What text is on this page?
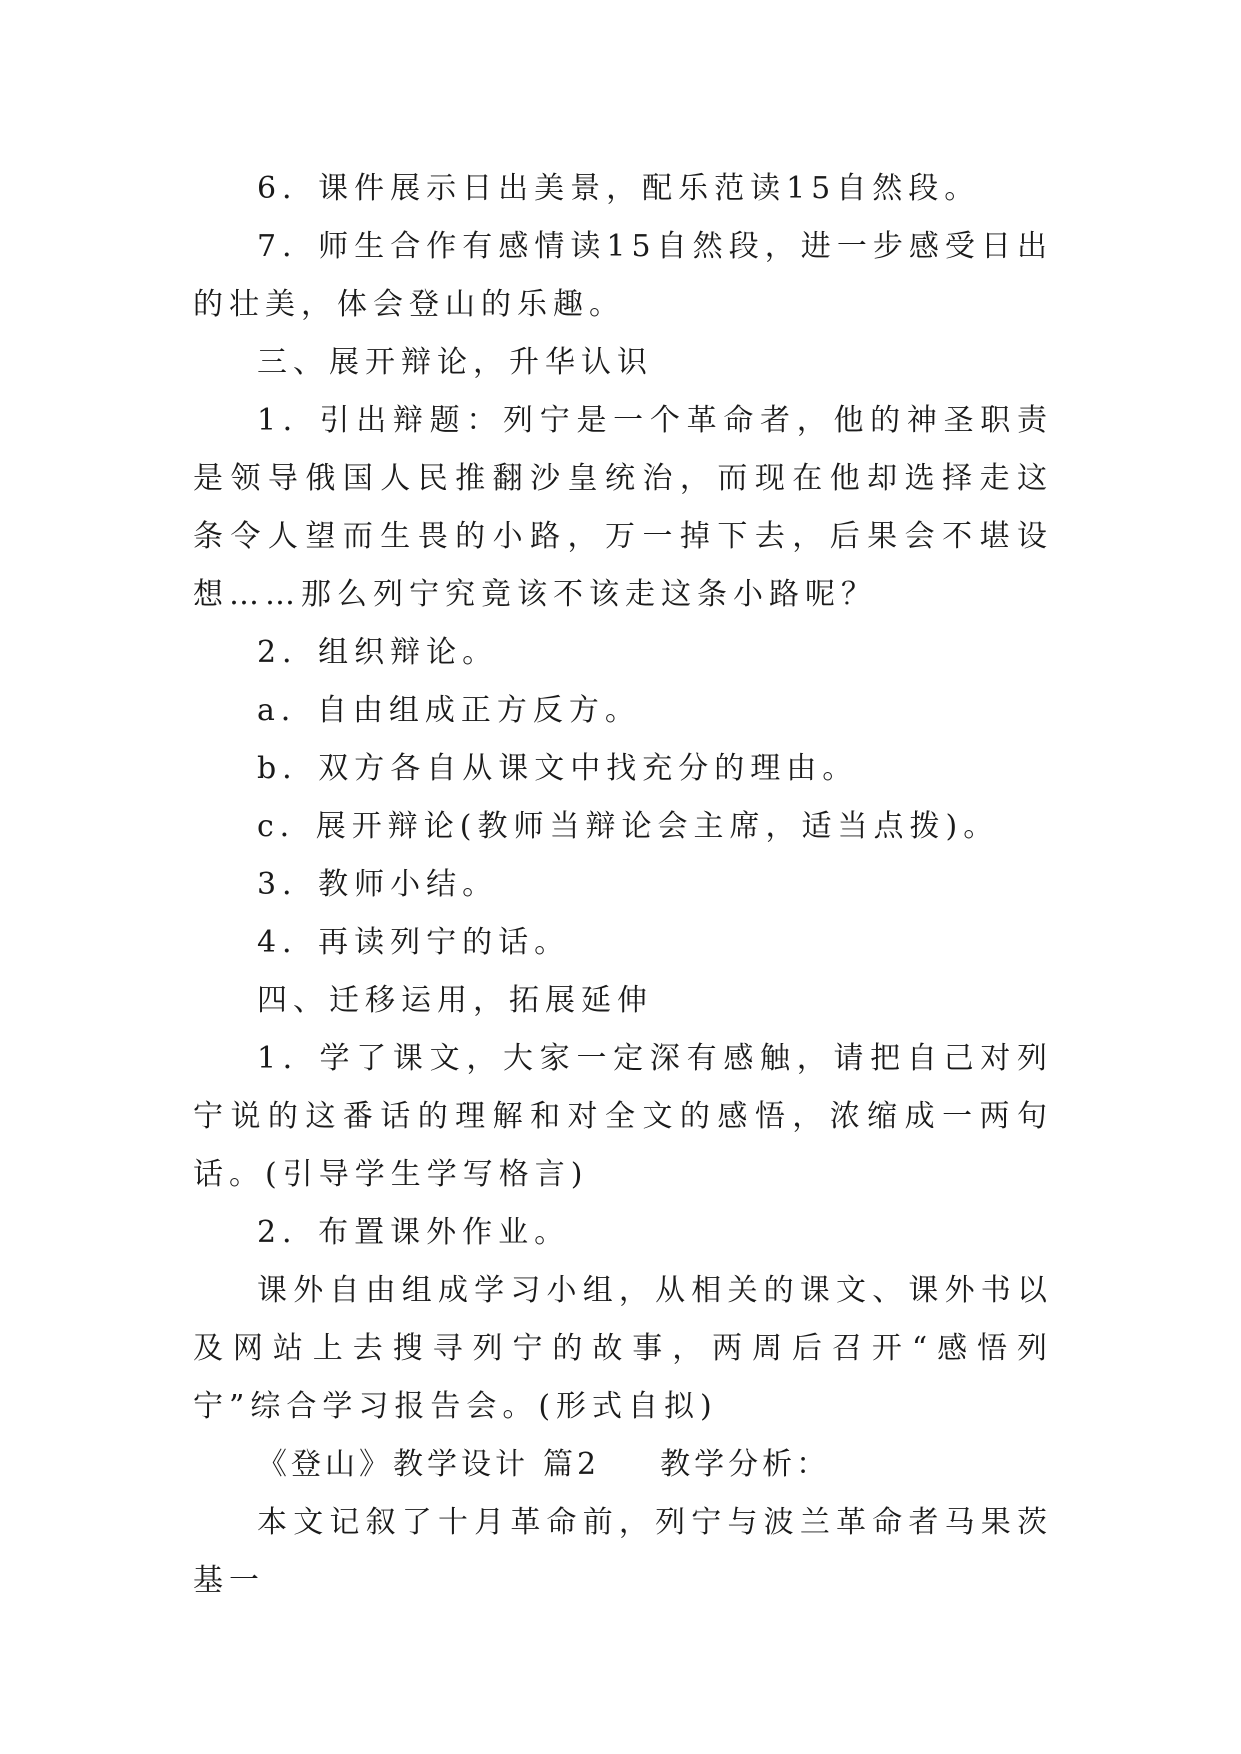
6．课件展示日出美景，配乐范读15自然段。

7．师生合作有感情读15自然段，进一步感受日出的壮美，体会登山的乐趣。

三、展开辩论，升华认识

1．引出辩题：列宁是一个革命者，他的神圣职责是领导俄国人民推翻沙皇统治，而现在他却选择走这条令人望而生畏的小路，万一掉下去，后果会不堪设想……那么列宁究竟该不该走这条小路呢？

2．组织辩论。

a．自由组成正方反方。

b．双方各自从课文中找充分的理由。

c．展开辩论(教师当辩论会主席，适当点拨)。

3．教师小结。

4．再读列宁的话。

四、迁移运用，拓展延伸

1．学了课文，大家一定深有感触，请把自己对列宁说的这番话的理解和对全文的感悟，浓缩成一两句话。(引导学生学写格言)

2．布置课外作业。

课外自由组成学习小组，从相关的课文、课外书以及网站上去搜寻列宁的故事，两周后召开“感悟列宁”综合学习报告会。(形式自拟)

《登山》教学设计 篇2 教学分析：

本文记叙了十月革命前，列宁与波兰革命者马果茨基一
